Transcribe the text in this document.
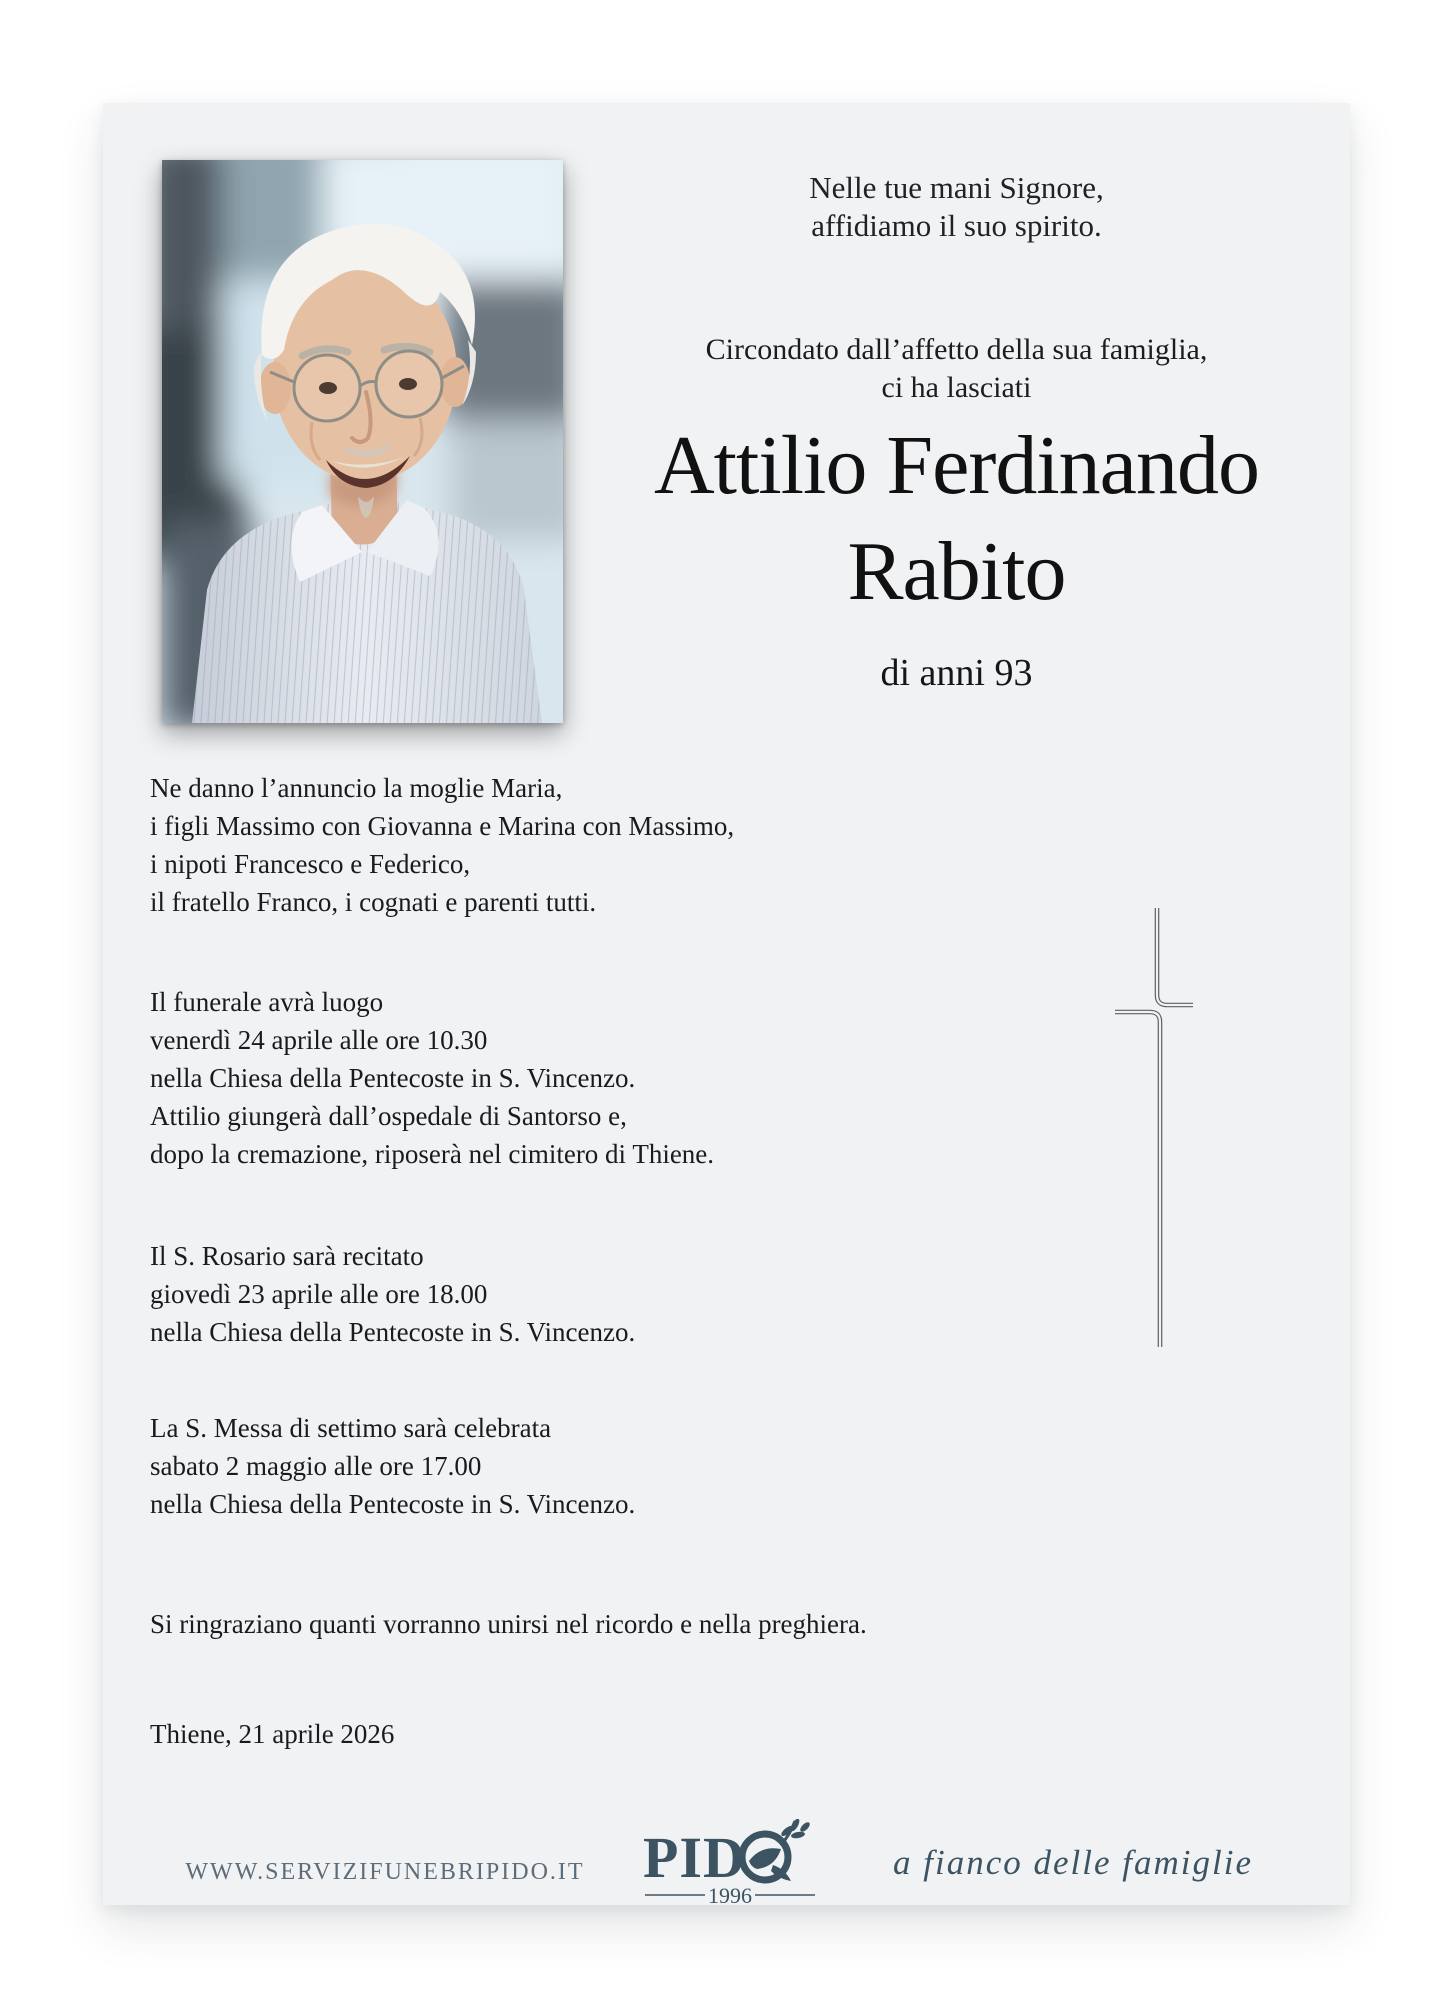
Nelle tue mani Signore,
affidiamo il suo spirito.
Circondato dall’affetto della sua famiglia,
ci ha lasciati
Attilio Ferdinando
Rabito
di anni 93

Ne danno l’annuncio la moglie Maria,
i figli Massimo con Giovanna e Marina con Massimo,
i nipoti Francesco e Federico,
il fratello Franco, i cognati e parenti tutti.

Il funerale avrà luogo
venerdì 24 aprile alle ore 10.30
nella Chiesa della Pentecoste in S. Vincenzo.
Attilio giungerà dall’ospedale di Santorso e,
dopo la cremazione, riposerà nel cimitero di Thiene.

Il S. Rosario sarà recitato
giovedì 23 aprile alle ore 18.00
nella Chiesa della Pentecoste in S. Vincenzo.

La S. Messa di settimo sarà celebrata
sabato 2 maggio alle ore 17.00
nella Chiesa della Pentecoste in S. Vincenzo.

Si ringraziano quanti vorranno unirsi nel ricordo e nella preghiera.

Thiene, 21 aprile 2026

WWW.SERVIZIFUNEBRIPIDO.IT	PID
1996
a fianco delle famiglie
